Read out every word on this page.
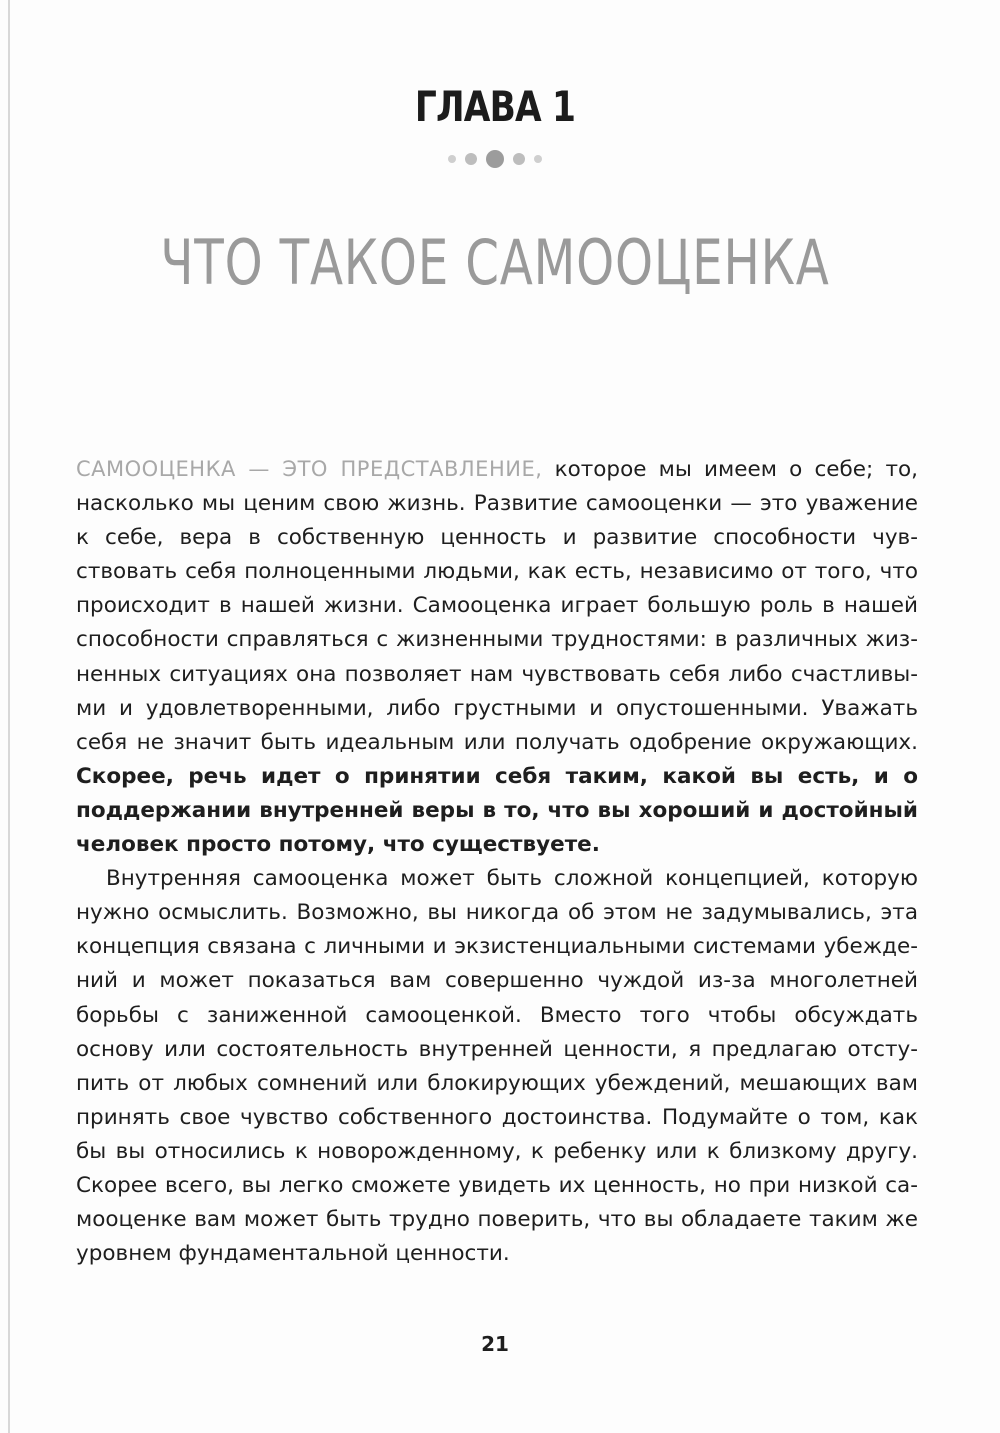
ГЛАВА 1
ЧТО ТАКОЕ САМООЦЕНКА

САМООЦЕНКА — ЭТО ПРЕДСТАВЛЕНИЕ, которое мы имеем о себе; то, насколько мы ценим свою жизнь. Развитие самооценки — это уважение к себе, вера в собственную ценность и развитие способности чувствовать себя полноценными людьми, как есть, независимо от того, что происходит в нашей жизни. Самооценка играет большую роль в нашей способности справляться с жизненными трудностями: в различных жизненных ситуациях она позволяет нам чувствовать себя либо счастливыми и удовлетворенными, либо грустными и опустошенными. Уважать себя не значит быть идеальным или получать одобрение окружающих. Скорее, речь идет о принятии себя таким, какой вы есть, и о поддержании внутренней веры в то, что вы хороший и достойный человек просто потому, что существуете.

Внутренняя самооценка может быть сложной концепцией, которую нужно осмыслить. Возможно, вы никогда об этом не задумывались, эта концепция связана с личными и экзистенциальными системами убеждений и может показаться вам совершенно чуждой из-за многолетней борьбы с заниженной самооценкой. Вместо того чтобы обсуждать основу или состоятельность внутренней ценности, я предлагаю отступить от любых сомнений или блокирующих убеждений, мешающих вам принять свое чувство собственного достоинства. Подумайте о том, как бы вы относились к новорожденному, к ребенку или к близкому другу. Скорее всего, вы легко сможете увидеть их ценность, но при низкой самооценке вам может быть трудно поверить, что вы обладаете таким же уровнем фундаментальной ценности.

21
